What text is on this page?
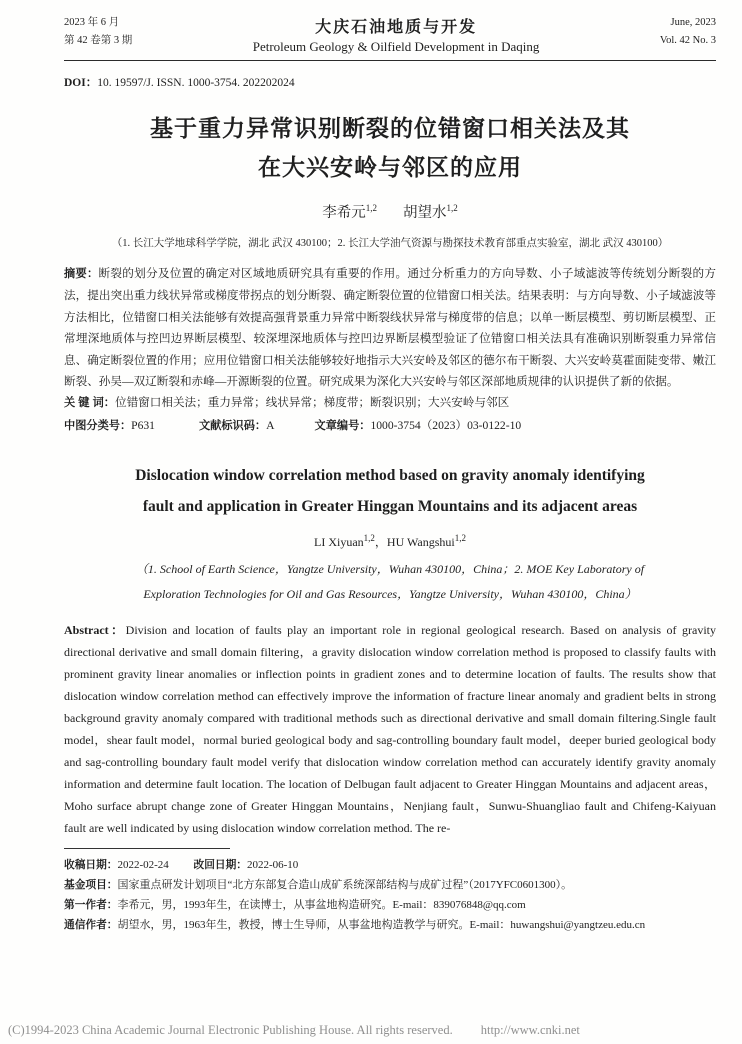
2023 年 6 月
第 42 卷第 3 期
大庆石油地质与开发
Petroleum Geology & Oilfield Development in Daqing
June, 2023
Vol. 42 No. 3
DOI：10. 19597/J. ISSN. 1000-3754. 202202024
基于重力异常识别断裂的位错窗口相关法及其
在大兴安岭与邻区的应用
李希元$^{1,2}$ 胡望水$^{1,2}$
（1. 长江大学地球科学学院，湖北 武汉 430100；2. 长江大学油气资源与勘探技术教育部重点实验室，湖北 武汉 430100）

摘要：断裂的划分及位置的确定对区域地质研究具有重要的作用。通过分析重力的方向导数、小子域滤波等传统划分断裂的方法，提出突出重力线状异常或梯度带拐点的划分断裂、确定断裂位置的位错窗口相关法。结果表明：与方向导数、小子域滤波等方法相比，位错窗口相关法能够有效提高强背景重力异常中断裂线状异常与梯度带的信息；以单一断层模型、剪切断层模型、正常埋深地质体与控凹边界断层模型、较深埋深地质体与控凹边界断层模型验证了位错窗口相关法具有准确识别断裂重力异常信息、确定断裂位置的作用；应用位错窗口相关法能够较好地指示大兴安岭及邻区的德尔布干断裂、大兴安岭莫霍面陡变带、嫩江断裂、孙吴—双辽断裂和赤峰—开源断裂的位置。研究成果为深化大兴安岭与邻区深部地质规律的认识提供了新的依据。

关 键 词：位错窗口相关法；重力异常；线状异常；梯度带；断裂识别；大兴安岭与邻区
中图分类号：P631	文献标识码：A	文章编号：1000-3754（2023）03-0122-10
Dislocation window correlation method based on gravity anomaly identifying
fault and application in Greater Hinggan Mountains and its adjacent areas
LI Xiyuan$^{1,2}$，HU Wangshui$^{1,2}$
（1. School of Earth Science，Yangtze University，Wuhan 430100，China；2. MOE Key Laboratory of
Exploration Technologies for Oil and Gas Resources，Yangtze University，Wuhan 430100，China）

Abstract：Division and location of faults play an important role in regional geological research. Based on analysis of gravity directional derivative and small domain filtering，a gravity dislocation window correlation method is proposed to classify faults with prominent gravity linear anomalies or inflection points in gradient zones and to determine location of faults. The results show that dislocation window correlation method can effectively improve the information of fracture linear anomaly and gradient belts in strong background gravity anomaly compared with traditional methods such as directional derivative and small domain filtering.Single fault model，shear fault model，normal buried geological body and sag-controlling boundary fault model，deeper buried geological body and sag-controlling boundary fault model verify that dislocation window correlation method can accurately identify gravity anomaly information and determine fault location. The location of Delbugan fault adjacent to Greater Hinggan Mountains and adjacent areas，Moho surface abrupt change zone of Greater Hinggan Mountains，Nenjiang fault，Sunwu-Shuangliao fault and Chifeng-Kaiyuan fault are well indicated by using dislocation window correlation method. The re-

收稿日期：2022-02-24 改回日期：2022-06-10
基金项目：国家重点研发计划项目“北方东部复合造山成矿系统深部结构与成矿过程”（2017YFC0601300）。
第一作者：李希元，男，1993年生，在读博士，从事盆地构造研究。E-mail：839076848@qq.com
通信作者：胡望水，男，1963年生，教授，博士生导师，从事盆地构造教学与研究。E-mail：huwangshui@yangtzeu.edu.cn
(C)1994-2023 China Academic Journal Electronic Publishing House. All rights reserved. http://www.cnki.net
